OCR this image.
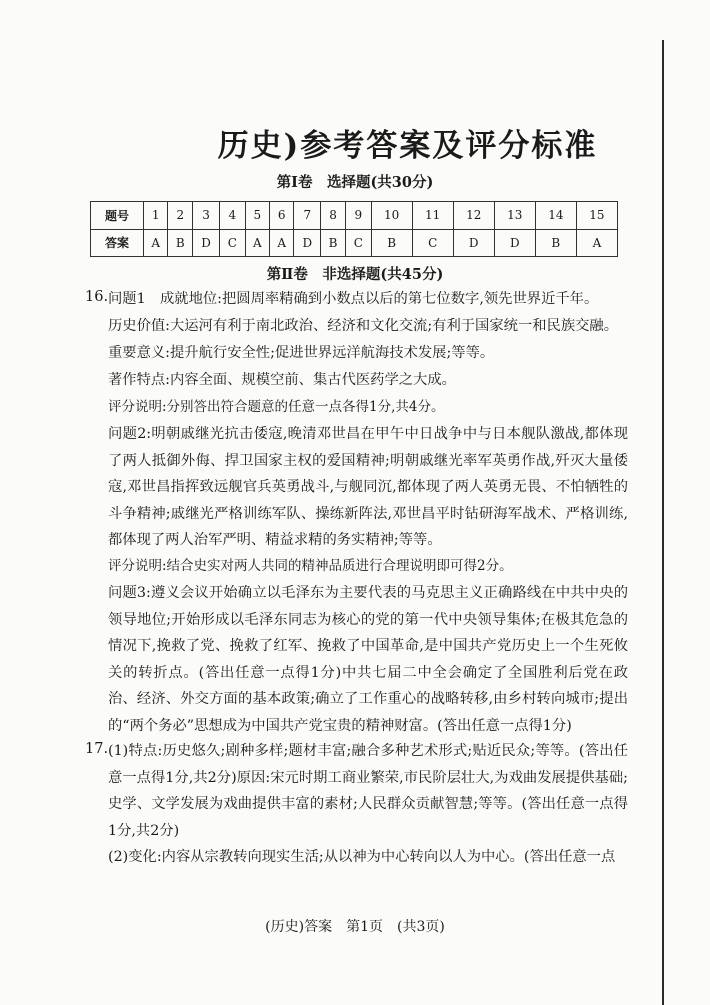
历史)参考答案及评分标准
第Ⅰ卷　选择题(共30分)
题号	1	2	3	4	5	6	7	8	9	10	11	12	13	14	15
答案	A	B	D	C	A	A	D	B	C	B	C	D	D	B	A
第Ⅱ卷　非选择题(共45分)
16. 问题1　成就地位:把圆周率精确到小数点以后的第七位数字,领先世界近千年。
历史价值:大运河有利于南北政治、经济和文化交流;有利于国家统一和民族交融。
重要意义:提升航行安全性;促进世界远洋航海技术发展;等等。
著作特点:内容全面、规模空前、集古代医药学之大成。
评分说明:分别答出符合题意的任意一点各得1分,共4分。
问题2:明朝戚继光抗击倭寇,晚清邓世昌在甲午中日战争中与日本舰队激战,都体现了两人抵御外侮、捍卫国家主权的爱国精神;明朝戚继光率军英勇作战,歼灭大量倭寇,邓世昌指挥致远舰官兵英勇战斗,与舰同沉,都体现了两人英勇无畏、不怕牺牲的斗争精神;戚继光严格训练军队、操练新阵法,邓世昌平时钻研海军战术、严格训练,都体现了两人治军严明、精益求精的务实精神;等等。
评分说明:结合史实对两人共同的精神品质进行合理说明即可得2分。
问题3:遵义会议开始确立以毛泽东为主要代表的马克思主义正确路线在中共中央的领导地位;开始形成以毛泽东同志为核心的党的第一代中央领导集体;在极其危急的情况下,挽救了党、挽救了红军、挽救了中国革命,是中国共产党历史上一个生死攸关的转折点。(答出任意一点得1分)中共七届二中全会确定了全国胜利后党在政治、经济、外交方面的基本政策;确立了工作重心的战略转移,由乡村转向城市;提出的“两个务必”思想成为中国共产党宝贵的精神财富。(答出任意一点得1分)
17. (1)特点:历史悠久;剧种多样;题材丰富;融合多种艺术形式;贴近民众;等等。(答出任意一点得1分,共2分)原因:宋元时期工商业繁荣,市民阶层壮大,为戏曲发展提供基础;史学、文学发展为戏曲提供丰富的素材;人民群众贡献智慧;等等。(答出任意一点得1分,共2分)
(2)变化:内容从宗教转向现实生活;从以神为中心转向以人为中心。(答出任意一点
(历史)答案　第1页　(共3页)
